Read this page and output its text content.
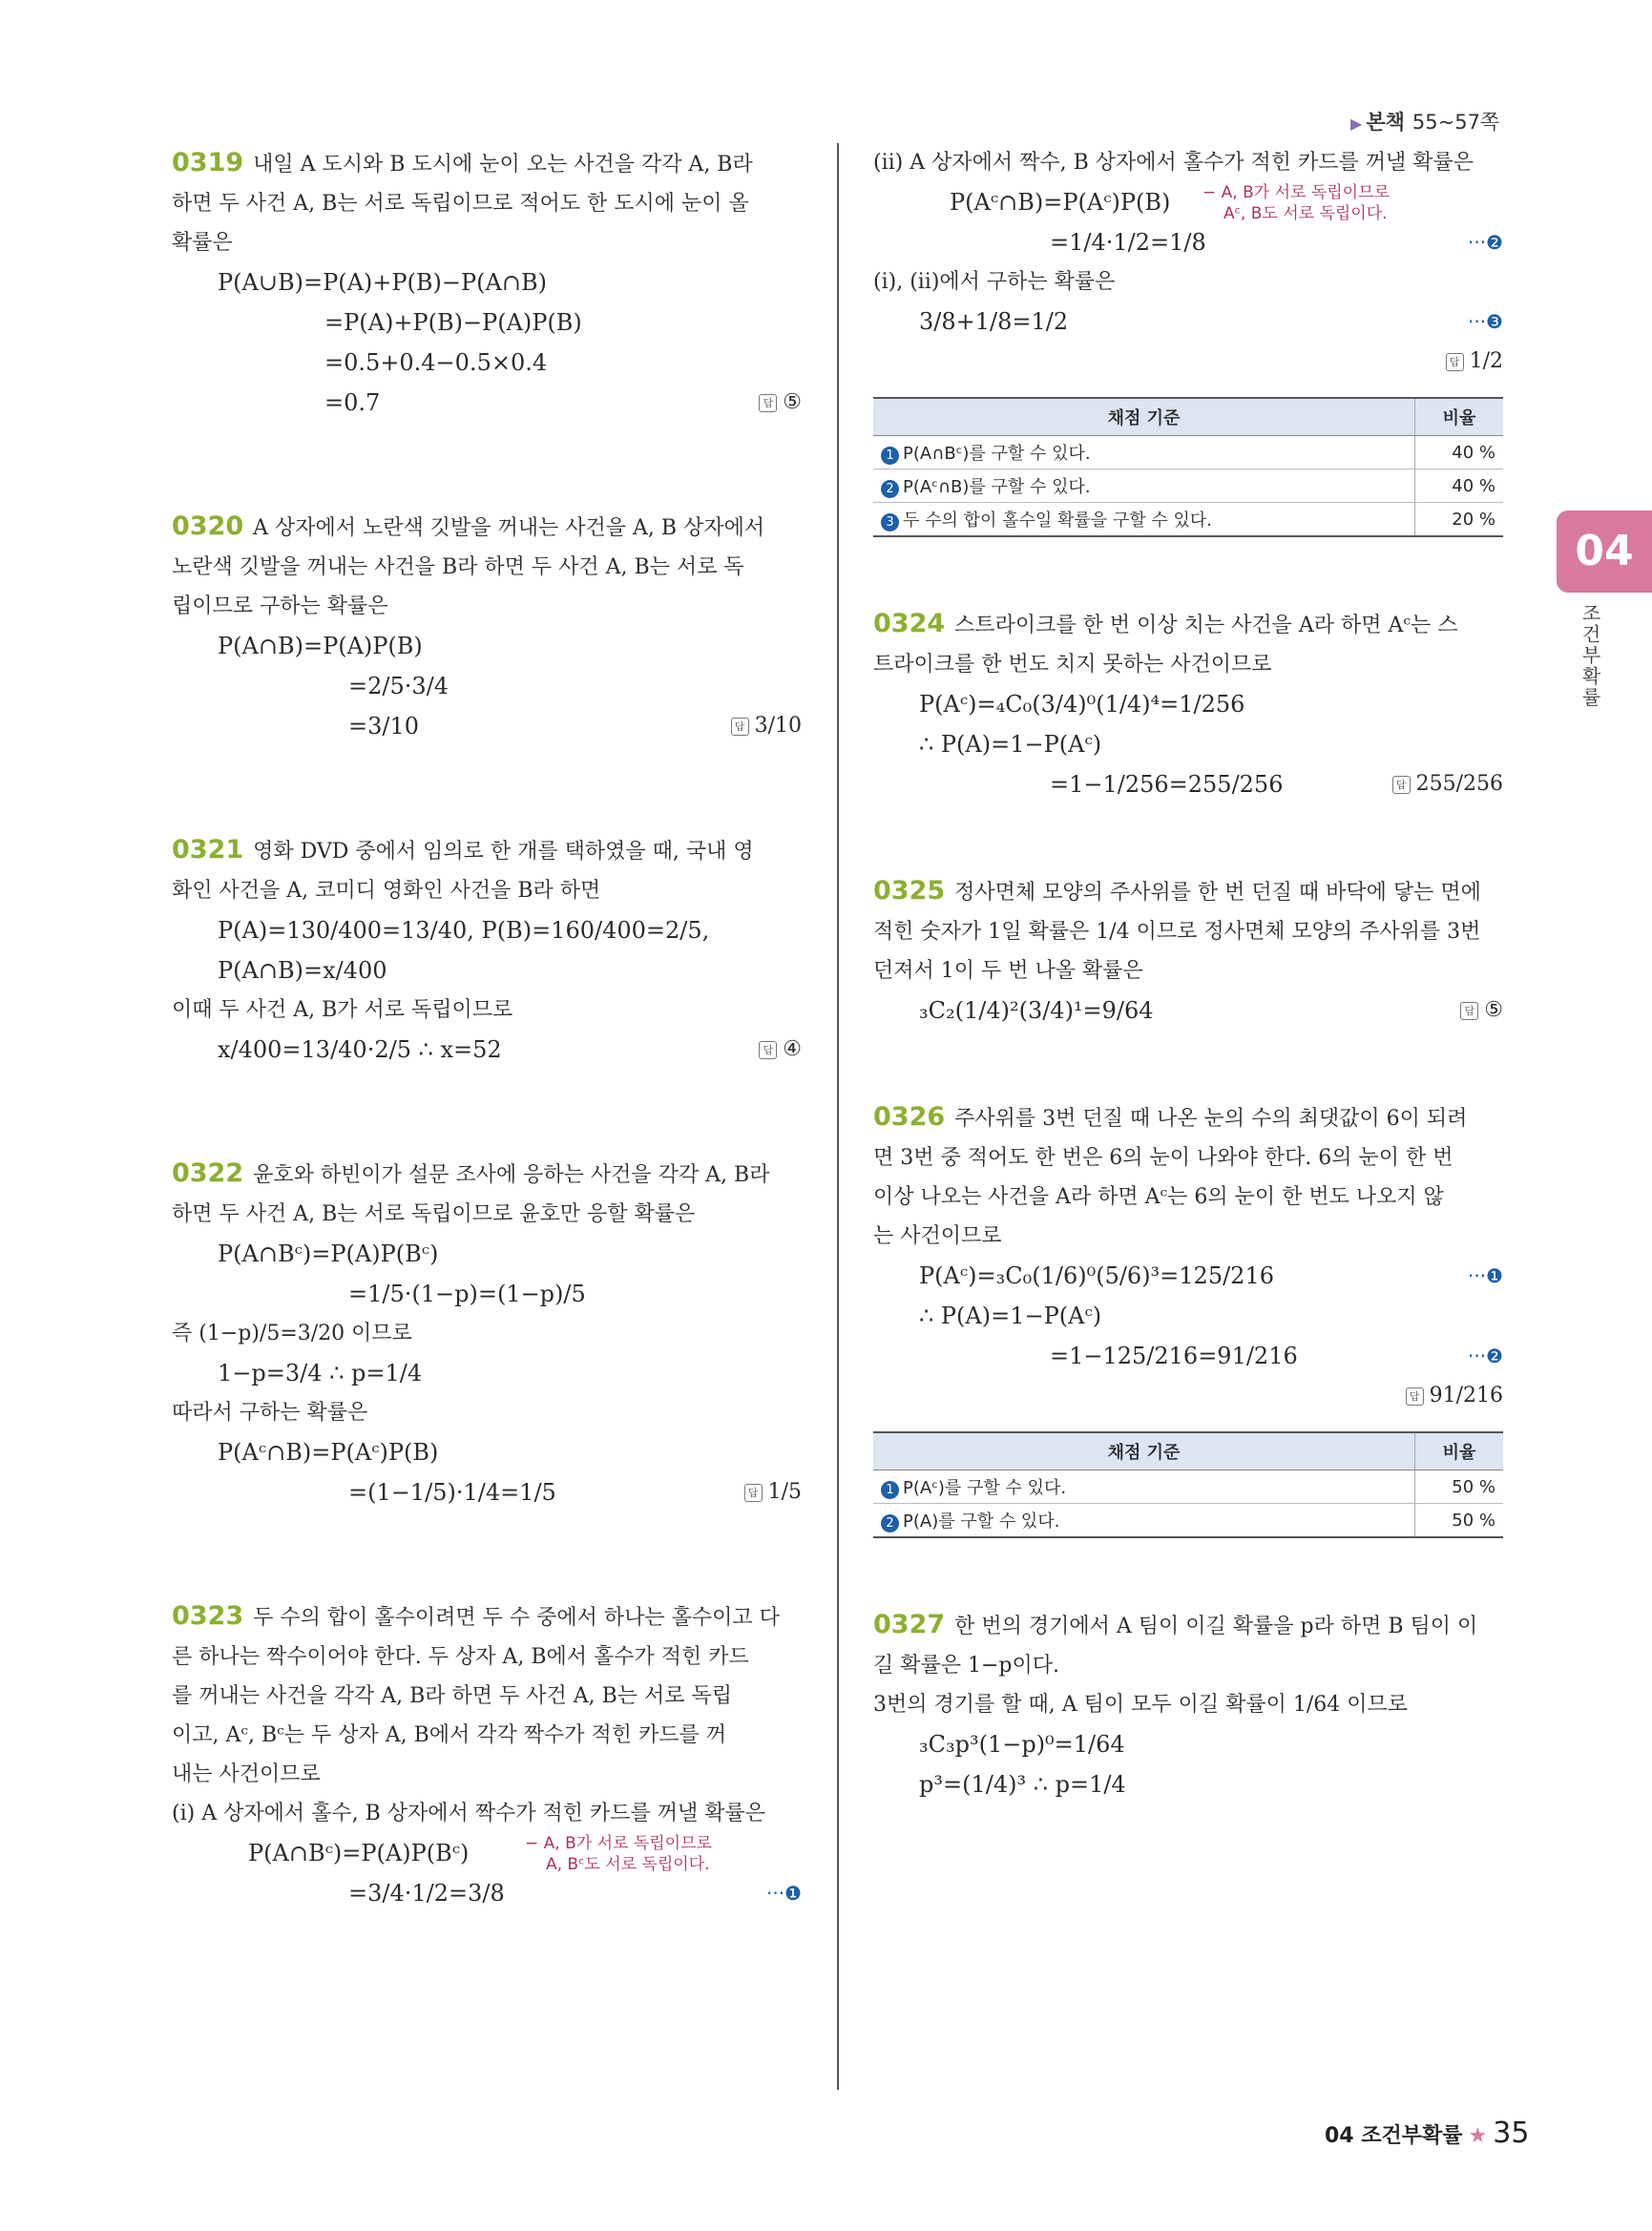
▶ 본책 55~57쪽
0319 내일 A 도시와 B 도시에 눈이 오는 사건을 각각 A, B라
하면 두 사건 A, B는 서로 독립이므로 적어도 한 도시에 눈이 올
확률은
P(A∪B)=P(A)+P(B)−P(A∩B)
=P(A)+P(B)−P(A)P(B)
=0.5+0.4−0.5×0.4
=0.7	답 ⑤
0320 A 상자에서 노란색 깃발을 꺼내는 사건을 A, B 상자에서
노란색 깃발을 꺼내는 사건을 B라 하면 두 사건 A, B는 서로 독
립이므로 구하는 확률은
P(A∩B)=P(A)P(B)
=2/5·3/4
=3/10	답 3/10
0321 영화 DVD 중에서 임의로 한 개를 택하였을 때, 국내 영
화인 사건을 A, 코미디 영화인 사건을 B라 하면
P(A)=130/400=13/40, P(B)=160/400=2/5,
P(A∩B)=x/400
이때 두 사건 A, B가 서로 독립이므로
x/400=13/40·2/5 ∴ x=52	답 ④
0322 윤호와 하빈이가 설문 조사에 응하는 사건을 각각 A, B라
하면 두 사건 A, B는 서로 독립이므로 윤호만 응할 확률은
P(A∩Bᶜ)=P(A)P(Bᶜ)
=1/5·(1−p)=(1−p)/5
즉 (1−p)/5=3/20 이므로
1−p=3/4 ∴ p=1/4
따라서 구하는 확률은
P(Aᶜ∩B)=P(Aᶜ)P(B)
=(1−1/5)·1/4=1/5	답 1/5
0323 두 수의 합이 홀수이려면 두 수 중에서 하나는 홀수이고 다
른 하나는 짝수이어야 한다. 두 상자 A, B에서 홀수가 적힌 카드
를 꺼내는 사건을 각각 A, B라 하면 두 사건 A, B는 서로 독립
이고, Aᶜ, Bᶜ는 두 상자 A, B에서 각각 짝수가 적힌 카드를 꺼
내는 사건이므로
(ⅰ) A 상자에서 홀수, B 상자에서 짝수가 적힌 카드를 꺼낼 확률은
P(A∩Bᶜ)=P(A)P(Bᶜ)	− A, B가 서로 독립이므로
A, Bᶜ도 서로 독립이다.
=3/4·1/2=3/8	···❶
(ⅱ) A 상자에서 짝수, B 상자에서 홀수가 적힌 카드를 꺼낼 확률은
P(Aᶜ∩B)=P(Aᶜ)P(B) − A, B가 서로 독립이므로
Aᶜ, B도 서로 독립이다.
=1/4·1/2=1/8	···❷
(ⅰ), (ⅱ)에서 구하는 확률은
3/8+1/8=1/2	···❸
답 1/2
채점 기준	비율
1 P(A∩Bᶜ)를 구할 수 있다.	40 %
2 P(Aᶜ∩B)를 구할 수 있다.	40 %
3 두 수의 합이 홀수일 확률을 구할 수 있다.	20 %
0324 스트라이크를 한 번 이상 치는 사건을 A라 하면 Aᶜ는 스
트라이크를 한 번도 치지 못하는 사건이므로
P(Aᶜ)=₄C₀(3/4)⁰(1/4)⁴=1/256
∴ P(A)=1−P(Aᶜ)
=1−1/256=255/256	답 255/256
0325 정사면체 모양의 주사위를 한 번 던질 때 바닥에 닿는 면에
적힌 숫자가 1일 확률은 1/4 이므로 정사면체 모양의 주사위를 3번
던져서 1이 두 번 나올 확률은
₃C₂(1/4)²(3/4)¹=9/64	답 ⑤
0326 주사위를 3번 던질 때 나온 눈의 수의 최댓값이 6이 되려
면 3번 중 적어도 한 번은 6의 눈이 나와야 한다. 6의 눈이 한 번
이상 나오는 사건을 A라 하면 Aᶜ는 6의 눈이 한 번도 나오지 않
는 사건이므로
P(Aᶜ)=₃C₀(1/6)⁰(5/6)³=125/216	···❶
∴ P(A)=1−P(Aᶜ)
=1−125/216=91/216	···❷
답 91/216
채점 기준	비율
1 P(Aᶜ)를 구할 수 있다.	50 %
2 P(A)를 구할 수 있다.	50 %
0327 한 번의 경기에서 A 팀이 이길 확률을 p라 하면 B 팀이 이
길 확률은 1−p이다.
3번의 경기를 할 때, A 팀이 모두 이길 확률이 1/64 이므로
₃C₃p³(1−p)⁰=1/64
p³=(1/4)³ ∴ p=1/4
04
조건부확률
04 조건부확률 ★ 35
